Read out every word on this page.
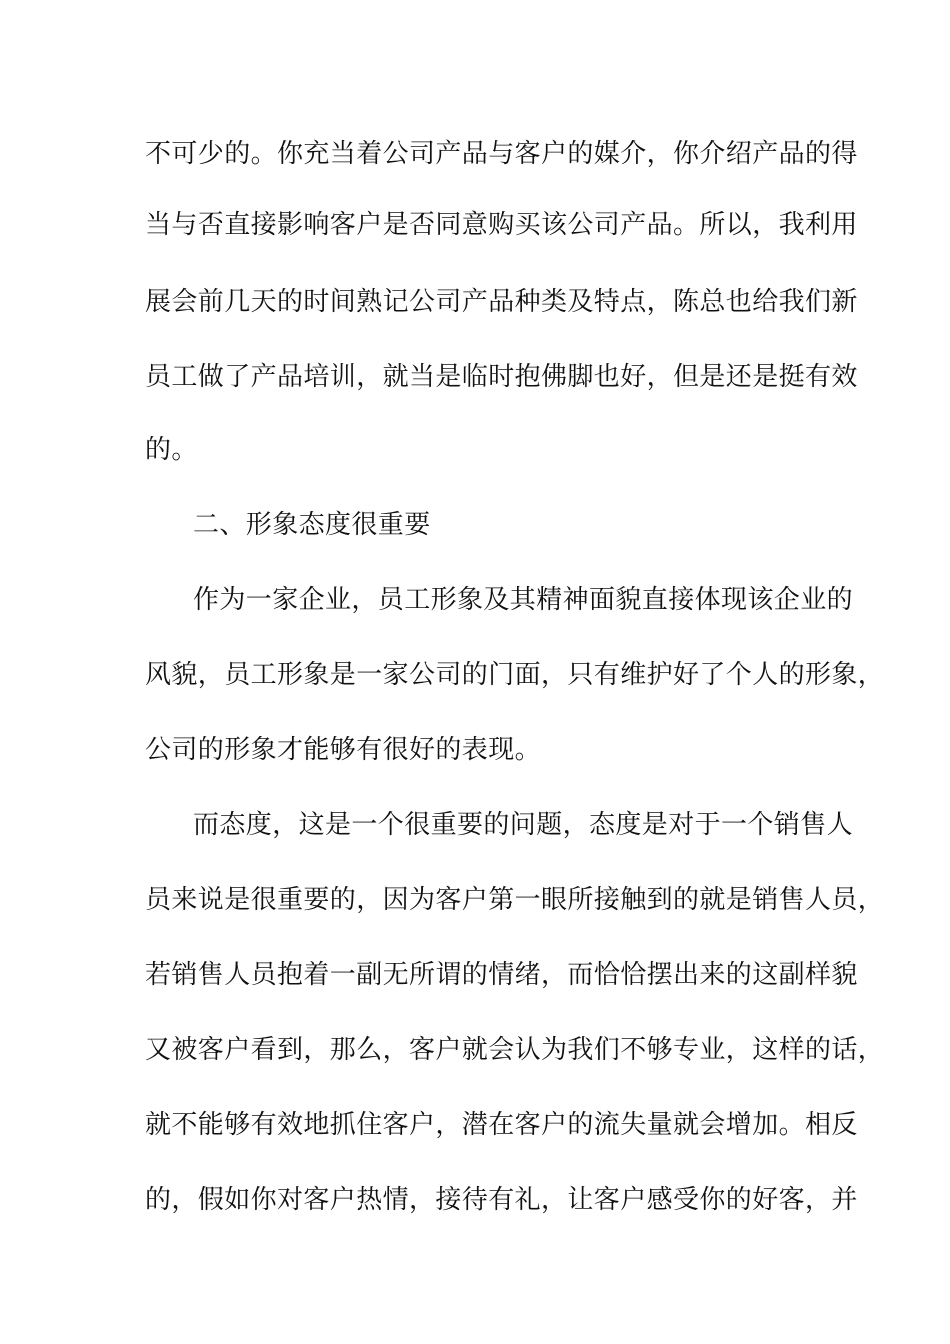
不可少的。你充当着公司产品与客户的媒介，你介绍产品的得
当与否直接影响客户是否同意购买该公司产品。所以，我利用
展会前几天的时间熟记公司产品种类及特点，陈总也给我们新
员工做了产品培训，就当是临时抱佛脚也好，但是还是挺有效
的。
二、形象态度很重要
作为一家企业，员工形象及其精神面貌直接体现该企业的
风貌，员工形象是一家公司的门面，只有维护好了个人的形象，
公司的形象才能够有很好的表现。
而态度，这是一个很重要的问题，态度是对于一个销售人
员来说是很重要的，因为客户第一眼所接触到的就是销售人员，
若销售人员抱着一副无所谓的情绪，而恰恰摆出来的这副样貌
又被客户看到，那么，客户就会认为我们不够专业，这样的话，
就不能够有效地抓住客户，潜在客户的流失量就会增加。相反
的，假如你对客户热情，接待有礼，让客户感受你的好客，并
